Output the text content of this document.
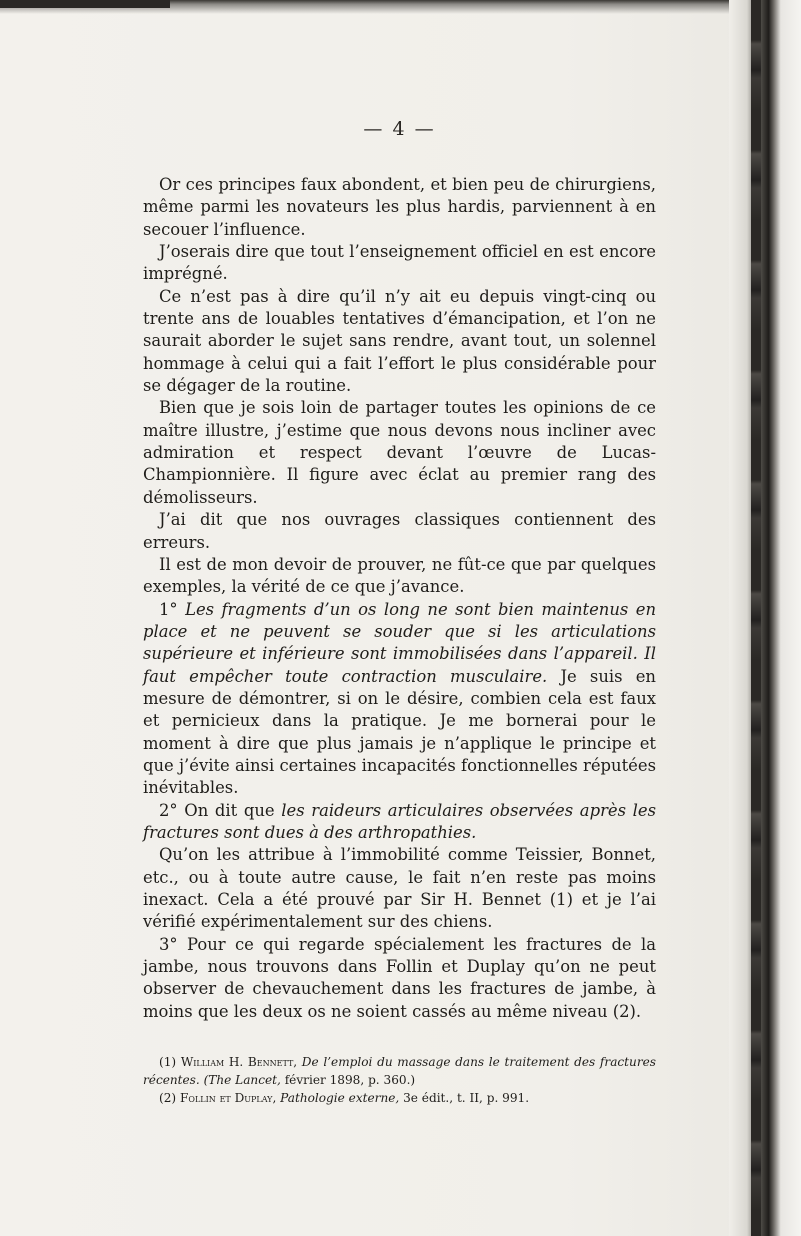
— 4 —

Or ces principes faux abondent, et bien peu de chirurgiens, même parmi les novateurs les plus hardis, parviennent à en secouer l’influence.

J’oserais dire que tout l’enseignement officiel en est encore imprégné.

Ce n’est pas à dire qu’il n’y ait eu depuis vingt-cinq ou trente ans de louables tentatives d’émancipation, et l’on ne saurait aborder le sujet sans rendre, avant tout, un solennel hommage à celui qui a fait l’effort le plus considérable pour se dégager de la routine.

Bien que je sois loin de partager toutes les opinions de ce maître illustre, j’estime que nous devons nous incliner avec admiration et respect devant l’œuvre de Lucas-Championnière. Il figure avec éclat au premier rang des démolisseurs.

J’ai dit que nos ouvrages classiques contiennent des erreurs.

Il est de mon devoir de prouver, ne fût-ce que par quelques exemples, la vérité de ce que j’avance.

1° Les fragments d’un os long ne sont bien maintenus en place et ne peuvent se souder que si les articulations supérieure et inférieure sont immobilisées dans l’appareil. Il faut empêcher toute contraction musculaire. Je suis en mesure de démontrer, si on le désire, combien cela est faux et pernicieux dans la pratique. Je me bornerai pour le moment à dire que plus jamais je n’applique le principe et que j’évite ainsi certaines incapacités fonctionnelles réputées inévitables.

2° On dit que les raideurs articulaires observées après les fractures sont dues à des arthropathies.

Qu’on les attribue à l’immobilité comme Teissier, Bonnet, etc., ou à toute autre cause, le fait n’en reste pas moins inexact. Cela a été prouvé par Sir H. Bennet (1) et je l’ai vérifié expérimentalement sur des chiens.

3° Pour ce qui regarde spécialement les fractures de la jambe, nous trouvons dans Follin et Duplay qu’on ne peut observer de chevauchement dans les fractures de jambe, à moins que les deux os ne soient cassés au même niveau (2).

(1) William H. Bennett, De l’emploi du massage dans le traitement des fractures récentes. (The Lancet, février 1898, p. 360.)

(2) Follin et Duplay, Pathologie externe, 3e édit., t. II, p. 991.
